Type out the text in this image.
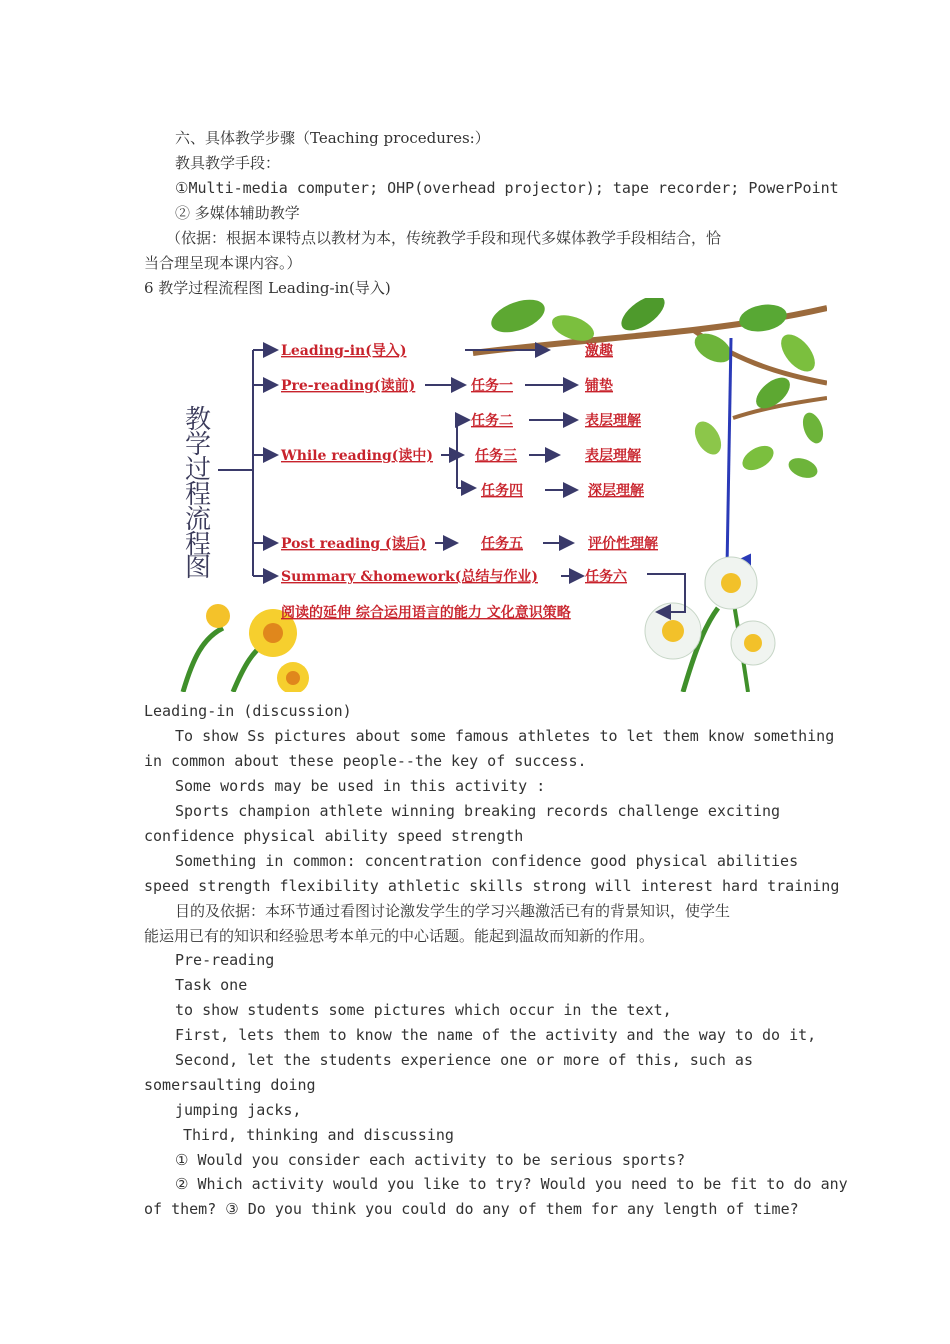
六、具体教学步骤（Teaching procedures:）
教具教学手段：
①Multi-media computer; OHP(overhead projector); tape recorder; PowerPoint
② 多媒体辅助教学
（依据：根据本课特点以教材为本，传统教学手段和现代多媒体教学手段相结合，恰
当合理呈现本课内容。）
6 教学过程流程图 Leading-in(导入)
教
学
过
程
流
程
图
Leading-in(导入)	激趣
Pre-reading(读前)	任务一	铺垫
任务二	表层理解
While reading(读中)	任务三	表层理解
任务四	深层理解
Post reading (读后)	任务五	评价性理解
Summary &homework(总结与作业)	任务六
阅读的延伸 综合运用语言的能力 文化意识策略
Leading-in (discussion)
To show Ss pictures about some famous athletes to let them know something
in common about these people--the key of success.
Some words may be used in this activity :
Sports champion athlete winning breaking records challenge exciting
confidence physical ability speed strength
Something in common: concentration confidence good physical abilities
speed strength flexibility athletic skills strong will interest hard training
目的及依据：本环节通过看图讨论激发学生的学习兴趣激活已有的背景知识，使学生
能运用已有的知识和经验思考本单元的中心话题。能起到温故而知新的作用。
Pre-reading
Task one
to show students some pictures which occur in the text,
First, lets them to know the name of the activity and the way to do it,
Second, let the students experience one or more of this, such as
somersaulting doing
jumping jacks,
Third, thinking and discussing
① Would you consider each activity to be serious sports?
② Which activity would you like to try? Would you need to be fit to do any
of them? ③ Do you think you could do any of them for any length of time?
